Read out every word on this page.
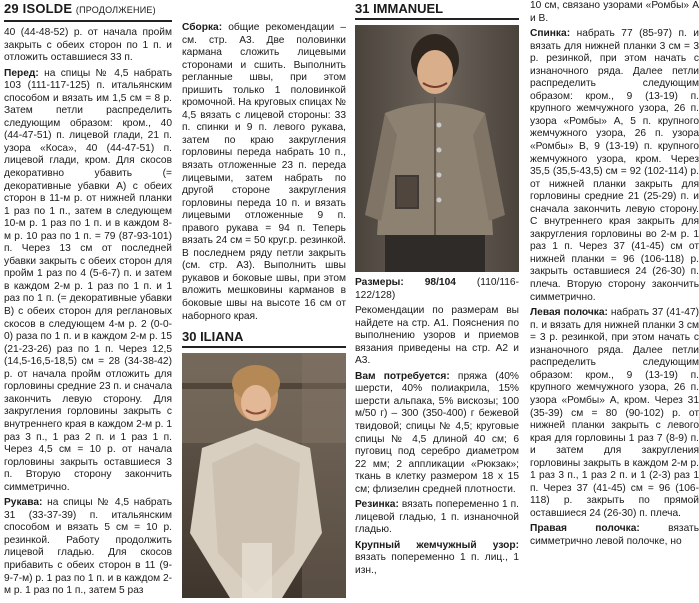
29 ISOLDE (ПРОДОЛЖЕНИЕ)

40 (44-48-52) р. от начала пройм закрыть с обеих сторон по 1 п. и отложить оставшиеся 33 п.

Перед: на спицы № 4,5 набрать 103 (111-117-125) п. итальянским способом и вязать им 1,5 см = 8 р. Затем петли распределить следующим образом: кром., 40 (44-47-51) п. лицевой глади, 21 п. узора «Коса», 40 (44-47-51) п. лицевой глади, кром. Для скосов декоративно убавить (= декоративные убавки А) с обеих сторон в 11-м р. от нижней планки 1 раз по 1 п., затем в следующем 10-м р. 1 раз по 1 п. и в каждом 8-м р. 10 раз по 1 п. = 79 (87-93-101) п. Через 13 см от последней убавки закрыть с обеих сторон для пройм 1 раз по 4 (5-6-7) п. и затем в каждом 2-м р. 1 раз по 1 п. и 1 раз по 1 п. (= декоративные убавки В) с обеих сторон для реглановых скосов в следующем 4-м р. 2 (0-0-0) раза по 1 п. и в каждом 2-м р. 15 (21-23-26) раз по 1 п. Через 12,5 (14,5-16,5-18,5) см = 28 (34-38-42) р. от начала пройм отложить для горловины средние 23 п. и сначала закончить левую сторону. Для закругления горловины закрыть с внутреннего края в каждом 2-м р. 1 раз 3 п., 1 раз 2 п. и 1 раз 1 п. Через 4,5 см = 10 р. от начала горловины закрыть оставшиеся 3 п. Вторую сторону закончить симметрично.

Рукава: на спицы № 4,5 набрать 31 (33-37-39) п. итальянским способом и вязать 5 см = 10 р. резинкой. Работу продолжить лицевой гладью. Для скосов прибавить с обеих сторон в 11 (9-9-7-м) р. 1 раз по 1 п. и в каждом 2-м р. 1 раз по 1 п., затем 5 раз

Сборка: общие рекомендации – см. стр. А3. Две половинки кармана сложить лицевыми сторонами и сшить. Выполнить регланные швы, при этом пришить только 1 половинкой кромочной. На круговых спицах № 4,5 вязать с лицевой стороны: 33 п. спинки и 9 п. левого рукава, затем по краю закругления горловины переда набрать 10 п., вязать отложенные 23 п. переда лицевыми, затем набрать по другой стороне закругления горловины переда 10 п. и вязать лицевыми отложенные 9 п. правого рукава = 94 п. Теперь вязать 24 см = 50 круг.р. резинкой. В последнем ряду петли закрыть (см. стр. А3). Выполнить швы рукавов и боковые швы, при этом вложить мешковины карманов в боковые швы на высоте 16 см от наборного края.

30 ILIANA
31 IMMANUEL

Размеры: 98/104 (110/116-122/128)

Рекомендации по размерам вы найдете на стр. А1. Пояснения по выполнению узоров и приемов вязания приведены на стр. А2 и А3.

Вам потребуется: пряжа (40% шерсти, 40% полиакрила, 15% шерсти альпака, 5% вискозы; 100 м/50 г) – 300 (350-400) г бежевой твидовой; спицы № 4,5; круговые спицы № 4,5 длиной 40 см; 6 пуговиц под серебро диаметром 22 мм; 2 аппликации «Рюкзак»; ткань в клетку размером 18 х 15 см; флизелин средней плотности.

Резинка: вязать попеременно 1 п. лицевой гладью, 1 п. изнаночной гладью.

Крупный жемчужный узор: вязать попеременно 1 п. лиц., 1 изн.,

10 см, связано узорами «Ромбы» А и В.

Спинка: набрать 77 (85-97) п. и вязать для нижней планки 3 см = 3 р. резинкой, при этом начать с изнаночного ряда. Далее петли распределить следующим образом: кром., 9 (13-19) п. крупного жемчужного узора, 26 п. узора «Ромбы» А, 5 п. крупного жемчужного узора, 26 п. узора «Ромбы» В, 9 (13-19) п. крупного жемчужного узора, кром. Через 35,5 (35,5-43,5) см = 92 (102-114) р. от нижней планки закрыть для горловины средние 21 (25-29) п. и сначала закончить левую сторону. С внутреннего края закрыть для закругления горловины во 2-м р. 1 раз 1 п. Через 37 (41-45) см от нижней планки = 96 (106-118) р. закрыть оставшиеся 24 (26-30) п. плеча. Вторую сторону закончить симметрично.

Левая полочка: набрать 37 (41-47) п. и вязать для нижней планки 3 см = 3 р. резинкой, при этом начать с изнаночного ряда. Далее петли распределить следующим образом: кром., 9 (13-19) п. крупного жемчужного узора, 26 п. узора «Ромбы» А, кром. Через 31 (35-39) см = 80 (90-102) р. от нижней планки закрыть с левого края для горловины 1 раз 7 (8-9) п. и затем для закругления горловины закрыть в каждом 2-м р. 1 раз 3 п., 1 раз 2 п. и 1 (2-3) раз 1 п. Через 37 (41-45) см = 96 (106-118) р. закрыть по прямой оставшиеся 24 (26-30) п. плеча.

Правая полочка: вязать симметрично левой полочке, но
